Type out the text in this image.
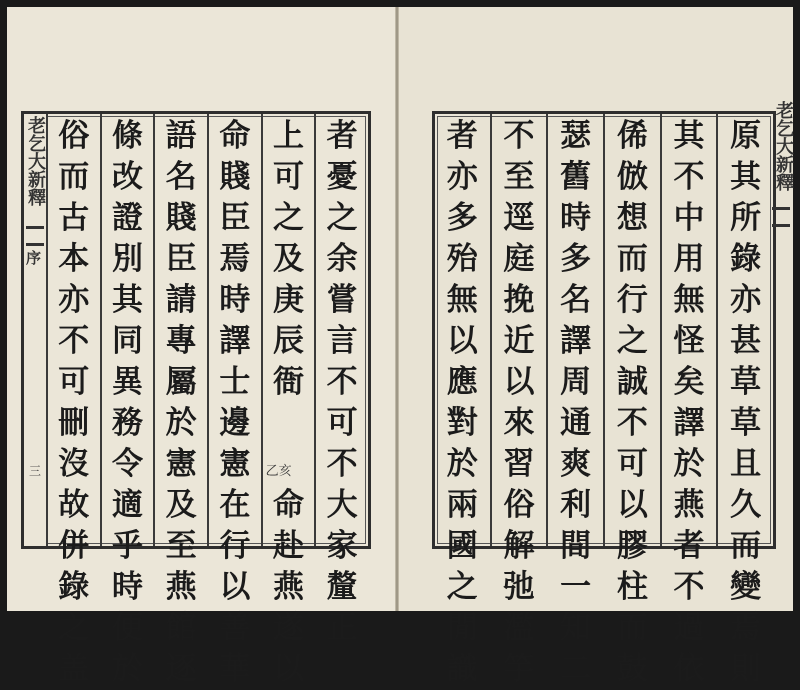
者
憂
之
余
嘗
言
不
可
不
大
家
釐
正
上
可
之
及
庚
辰
衙

命
赴
燕
遂
以
乙亥
命
賤
臣
焉
時
譯
士
邊
憲
在
行
以
善
華
語
名
賤
臣
請
專
屬
於
憲
及
至
燕
館
逐
條
改
證
別
其
同
異
務
令
適
乎
時
便
於
俗
而
古
本
亦
不
可
刪
沒
故
併
錄
之
盖
老乞大新釋
序
三
原
其
所
錄
亦
甚
草
草
且
久
而
變
焉
則
其
不
中
用
無
怪
矣
譯
於
燕
者
不
過
依
俙
倣
想
而
行
之
誠
不
可
以
膠
柱
而
鼓
瑟
舊
時
多
名
譯
周
通
爽
利
間
一
知
二
不
至
逕
庭
挽
近
以
來
習
俗
解
弛
濫
竽
者
亦
多
殆
無
以
應
對
於
兩
國
之
閒
識
老乞大新釋
